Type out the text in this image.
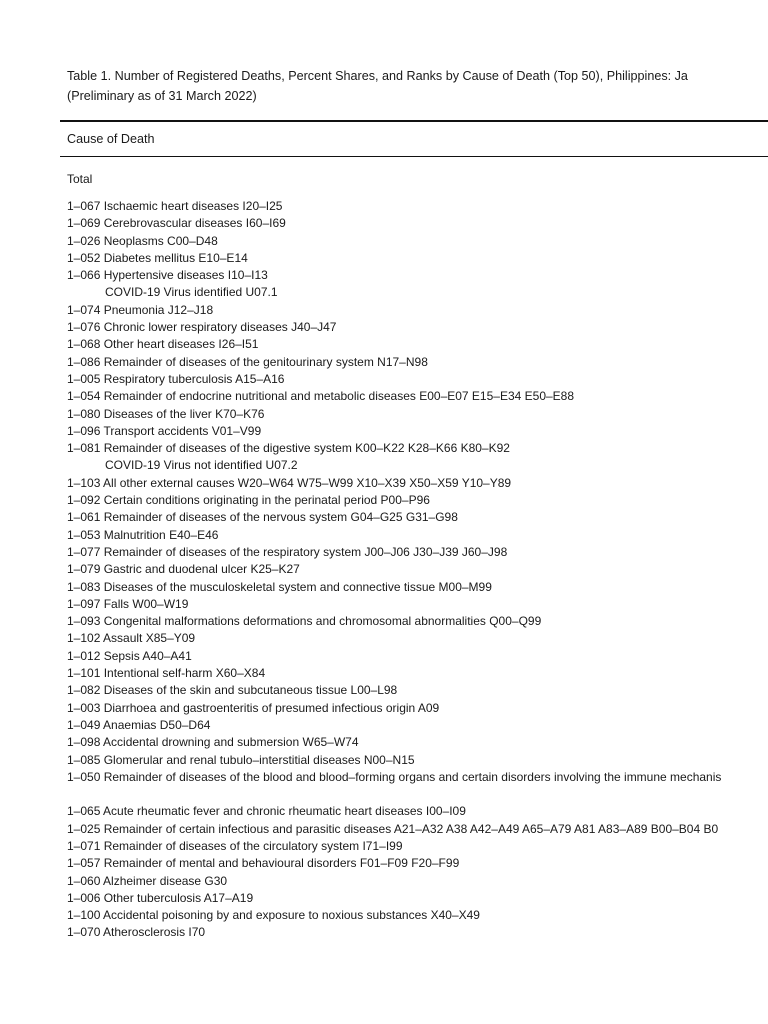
Table 1. Number of Registered Deaths, Percent Shares, and Ranks by Cause of Death (Top 50), Philippines: Ja
(Preliminary as of 31 March 2022)
Cause of Death
Total
1–067 Ischaemic heart diseases I20–I25
1–069 Cerebrovascular diseases I60–I69
1–026 Neoplasms C00–D48
1–052 Diabetes mellitus E10–E14
1–066 Hypertensive diseases I10–I13
COVID-19 Virus identified U07.1
1–074 Pneumonia J12–J18
1–076 Chronic lower respiratory diseases J40–J47
1–068 Other heart diseases I26–I51
1–086 Remainder of diseases of the genitourinary system N17–N98
1–005 Respiratory tuberculosis A15–A16
1–054 Remainder of endocrine nutritional and metabolic diseases E00–E07 E15–E34 E50–E88
1–080 Diseases of the liver K70–K76
1–096 Transport accidents V01–V99
1–081 Remainder of diseases of the digestive system K00–K22 K28–K66 K80–K92
COVID-19 Virus not identified U07.2
1–103 All other external causes W20–W64 W75–W99 X10–X39 X50–X59 Y10–Y89
1–092 Certain conditions originating in the perinatal period P00–P96
1–061 Remainder of diseases of the nervous system G04–G25 G31–G98
1–053 Malnutrition E40–E46
1–077 Remainder of diseases of the respiratory system J00–J06 J30–J39 J60–J98
1–079 Gastric and duodenal ulcer K25–K27
1–083 Diseases of the musculoskeletal system and connective tissue M00–M99
1–097 Falls W00–W19
1–093 Congenital malformations deformations and chromosomal abnormalities Q00–Q99
1–102 Assault X85–Y09
1–012 Sepsis A40–A41
1–101 Intentional self-harm X60–X84
1–082 Diseases of the skin and subcutaneous tissue L00–L98
1–003 Diarrhoea and gastroenteritis of presumed infectious origin A09
1–049 Anaemias D50–D64
1–098 Accidental drowning and submersion W65–W74
1–085 Glomerular and renal tubulo–interstitial diseases N00–N15
1–050 Remainder of diseases of the blood and blood–forming organs and certain disorders involving the immune mechanis
1–065 Acute rheumatic fever and chronic rheumatic heart diseases I00–I09
1–025 Remainder of certain infectious and parasitic diseases A21–A32 A38 A42–A49 A65–A79 A81 A83–A89 B00–B04 B0
1–071 Remainder of diseases of the circulatory system I71–I99
1–057 Remainder of mental and behavioural disorders F01–F09 F20–F99
1–060 Alzheimer disease G30
1–006 Other tuberculosis A17–A19
1–100 Accidental poisoning by and exposure to noxious substances X40–X49
1–070 Atherosclerosis I70
